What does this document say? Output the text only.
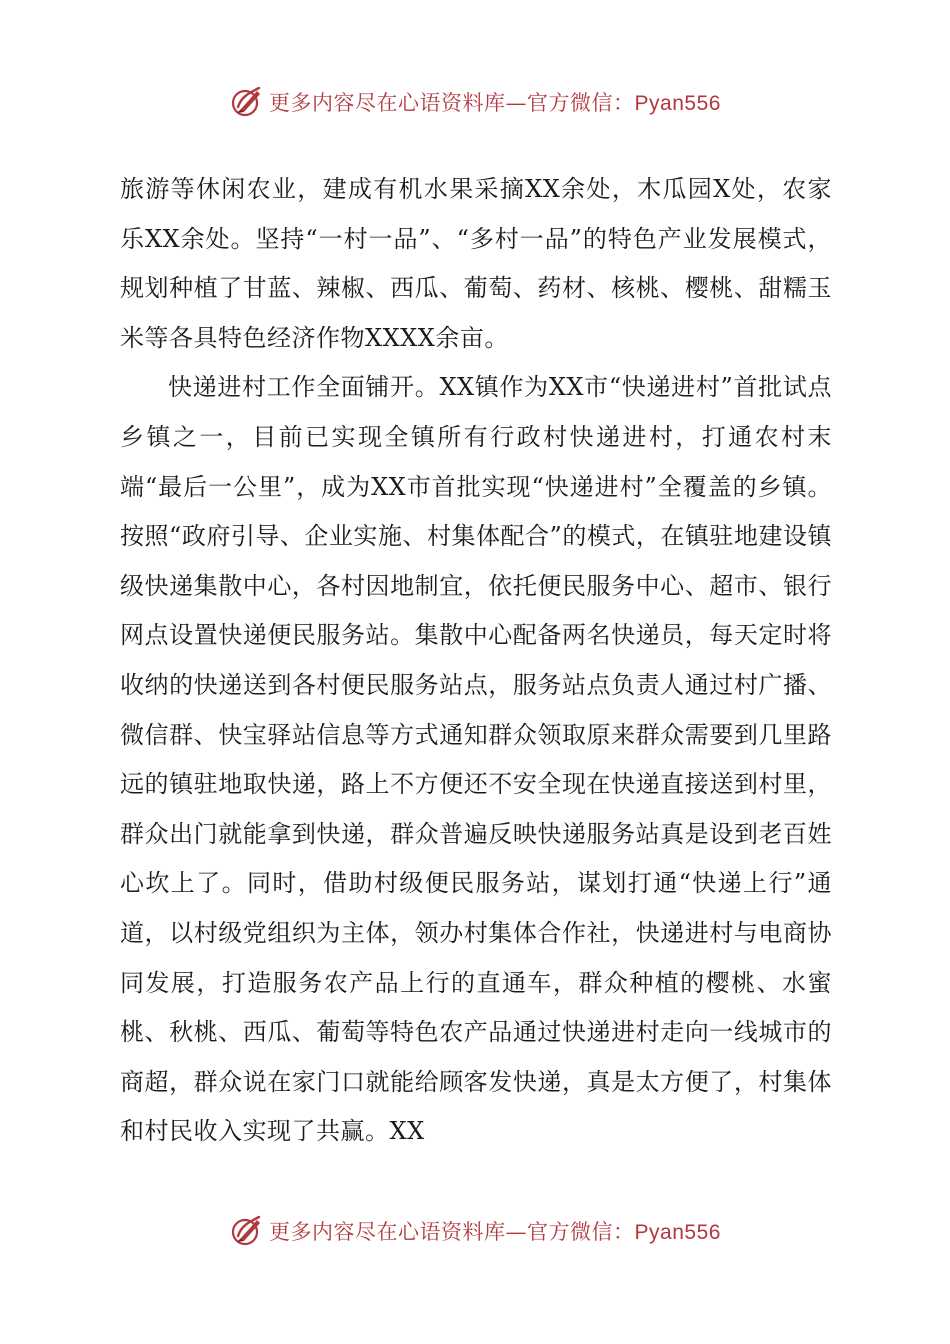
更多内容尽在心语资料库—官方微信：Pyan556

旅游等休闲农业，建成有机水果采摘XX余处，木瓜园X处，农家乐XX余处。坚持“一村一品”、“多村一品”的特色产业发展模式，规划种植了甘蓝、辣椒、西瓜、葡萄、药材、核桃、樱桃、甜糯玉米等各具特色经济作物XXXX余亩。

快递进村工作全面铺开。XX镇作为XX市“快递进村”首批试点乡镇之一，目前已实现全镇所有行政村快递进村，打通农村末端“最后一公里”，成为XX市首批实现“快递进村”全覆盖的乡镇。按照“政府引导、企业实施、村集体配合”的模式，在镇驻地建设镇级快递集散中心，各村因地制宜，依托便民服务中心、超市、银行网点设置快递便民服务站。集散中心配备两名快递员，每天定时将收纳的快递送到各村便民服务站点，服务站点负责人通过村广播、微信群、快宝驿站信息等方式通知群众领取原来群众需要到几里路远的镇驻地取快递，路上不方便还不安全现在快递直接送到村里，群众出门就能拿到快递，群众普遍反映快递服务站真是设到老百姓心坎上了。同时，借助村级便民服务站，谋划打通“快递上行”通道，以村级党组织为主体，领办村集体合作社，快递进村与电商协同发展，打造服务农产品上行的直通车，群众种植的樱桃、水蜜桃、秋桃、西瓜、葡萄等特色农产品通过快递进村走向一线城市的商超，群众说在家门口就能给顾客发快递，真是太方便了，村集体和村民收入实现了共赢。XX

更多内容尽在心语资料库—官方微信：Pyan556
